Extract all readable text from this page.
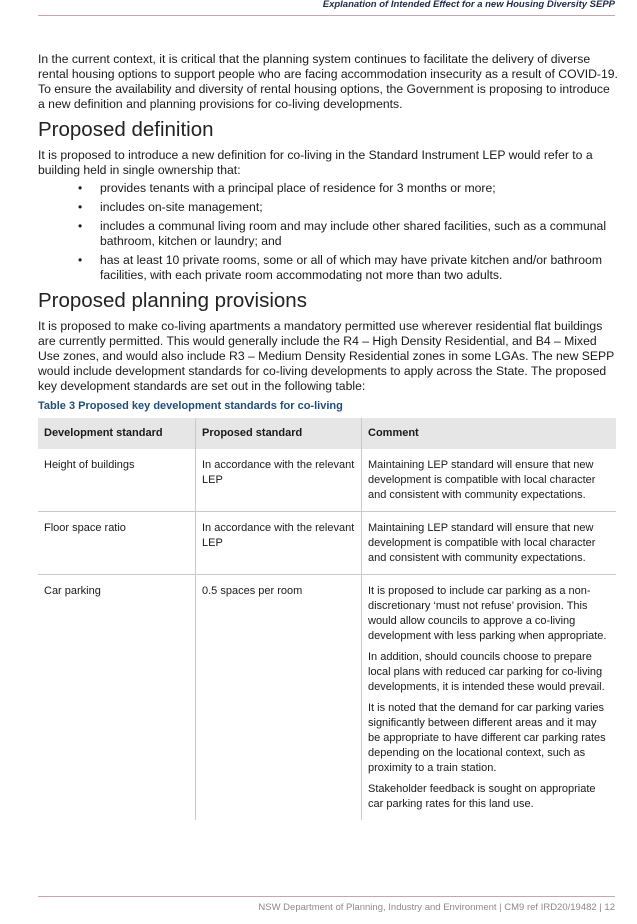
Explanation of Intended Effect for a new Housing Diversity SEPP

In the current context, it is critical that the planning system continues to facilitate the delivery of diverse rental housing options to support people who are facing accommodation insecurity as a result of COVID-19. To ensure the availability and diversity of rental housing options, the Government is proposing to introduce a new definition and planning provisions for co-living developments.

Proposed definition

It is proposed to introduce a new definition for co-living in the Standard Instrument LEP would refer to a building held in single ownership that:

• provides tenants with a principal place of residence for 3 months or more;
• includes on-site management;
• includes a communal living room and may include other shared facilities, such as a communal bathroom, kitchen or laundry; and
• has at least 10 private rooms, some or all of which may have private kitchen and/or bathroom facilities, with each private room accommodating not more than two adults.
Proposed planning provisions

It is proposed to make co-living apartments a mandatory permitted use wherever residential flat buildings are currently permitted. This would generally include the R4 – High Density Residential, and B4 – Mixed Use zones, and would also include R3 – Medium Density Residential zones in some LGAs. The new SEPP would include development standards for co-living developments to apply across the State. The proposed key development standards are set out in the following table:

Table 3 Proposed key development standards for co-living
Development standard	Proposed standard	Comment
Height of buildings	In accordance with the relevant LEP	Maintaining LEP standard will ensure that new development is compatible with local character and consistent with community expectations.

Floor space ratio	In accordance with the relevant LEP	Maintaining LEP standard will ensure that new development is compatible with local character and consistent with community expectations.

Car parking	0.5 spaces per room	It is proposed to include car parking as a non-discretionary ‘must not refuse’ provision. This would allow councils to approve a co-living development with less parking when appropriate.

In addition, should councils choose to prepare local plans with reduced car parking for co-living developments, it is intended these would prevail.

It is noted that the demand for car parking varies significantly between different areas and it may be appropriate to have different car parking rates depending on the locational context, such as proximity to a train station.

Stakeholder feedback is sought on appropriate car parking rates for this land use.

NSW Department of Planning, Industry and Environment | CM9 ref IRD20/19482 | 12
